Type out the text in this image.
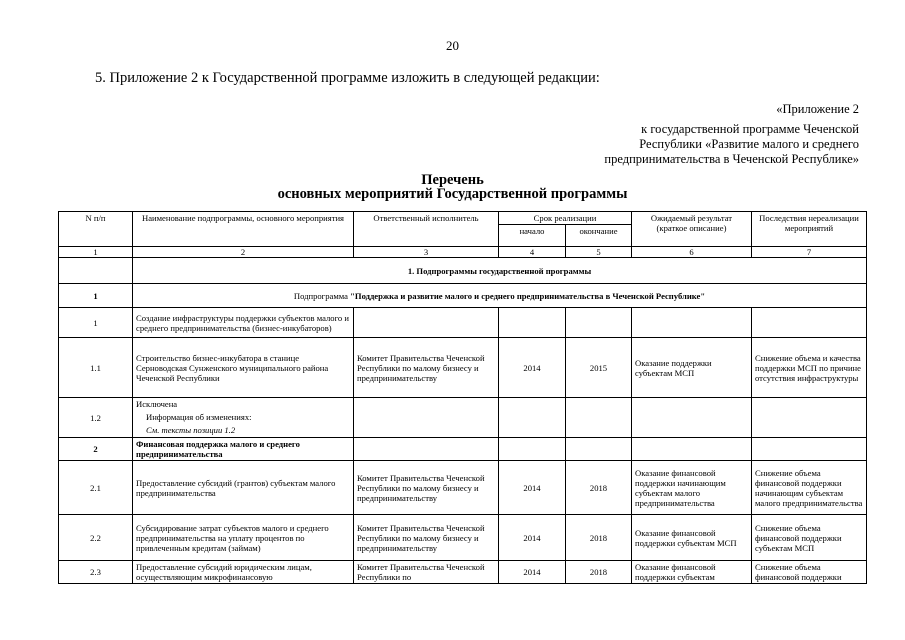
20
5. Приложение 2 к Государственной программе изложить в следующей редакции:
«Приложение 2
к государственной программе Чеченской
Республики «Развитие малого и среднего
предпринимательства в Чеченской Республике»
Перечень
основных мероприятий Государственной программы
N п/п	Наименование подпрограммы, основного мероприятия	Ответственный исполнитель	Срок реализации		Ожидаемый результат (краткое описание)	Последствия нереализации мероприятий
			начало	окончание		
1	2	3	4	5	6	7
	1. Подпрограммы государственной программы					
1	Подпрограмма "Поддержка и развитие малого и среднего предпринимательства в Чеченской Республике"					
1	Создание инфраструктуры поддержки субъектов малого и среднего предпринимательства (бизнес-инкубаторов)					
1.1	Строительство бизнес-инкубатора в станице Серноводская Сунженского муниципального района Чеченской Республики	Комитет Правительства Чеченской Республики по малому бизнесу и предпринимательству	2014	2015	Оказание поддержки субъектам МСП	Снижение объема и качества поддержки МСП по причине отсутствия инфраструктуры
1.2	Исключена
Информация об изменениях:
См. тексты позиции 1.2					

2	Финансовая поддержка малого и среднего предпринимательства					
2.1	Предоставление субсидий (грантов) субъектам малого предпринимательства	Комитет Правительства Чеченской Республики по малому бизнесу и предпринимательству	2014	2018	Оказание финансовой поддержки начинающим субъектам малого предпринимательства	Снижение объема финансовой поддержки начинающим субъектам малого предпринимательства
2.2	Субсидирование затрат субъектов малого и среднего предпринимательства на уплату процентов по привлеченным кредитам (займам)	Комитет Правительства Чеченской Республики по малому бизнесу и предпринимательству	2014	2018	Оказание финансовой поддержки субъектам МСП	Снижение объема финансовой поддержки субъектам МСП
2.3	Предоставление субсидий юридическим лицам, осуществляющим микрофинансовую	Комитет Правительства Чеченской Республики по	2014	2018	Оказание финансовой поддержки субъектам	Снижение объема финансовой поддержки
